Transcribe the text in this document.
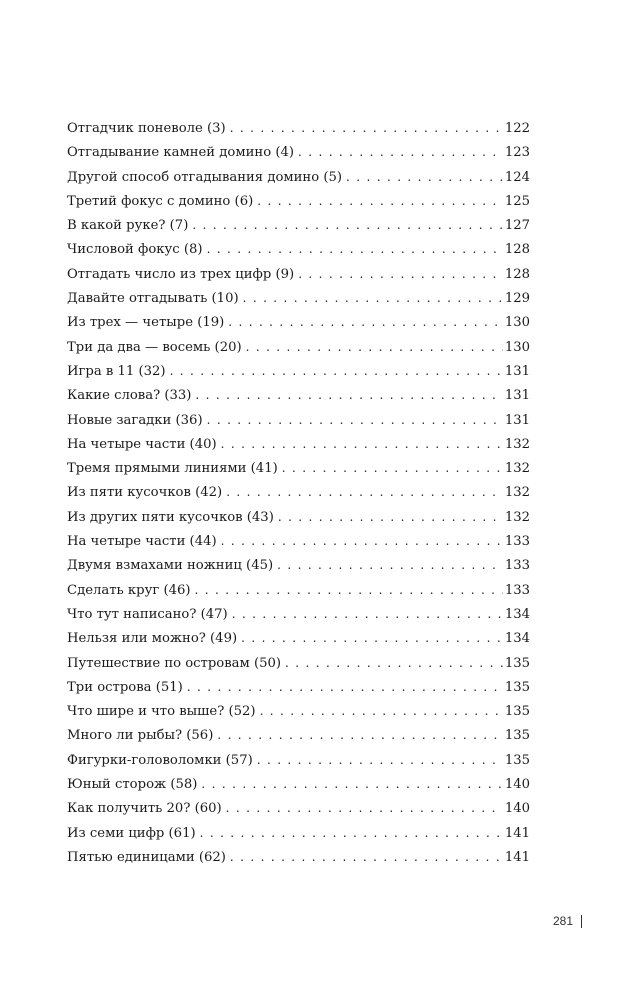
Отгадчик поневоле (3) . . .	122
Отгадывание камней домино (4) . . .	123
Другой способ отгадывания домино (5) . . .	124
Третий фокус с домино (6) . . .	125
В какой руке? (7) . . .	127
Числовой фокус (8) . . .	128
Отгадать число из трех цифр (9) . . .	128
Давайте отгадывать (10) . . .	129
Из трех — четыре (19) . . .	130
Три да два — восемь (20) . . .	130
Игра в 11 (32) . . .	131
Какие слова? (33) . . .	131
Новые загадки (36) . . .	131
На четыре части (40) . . .	132
Тремя прямыми линиями (41) . . .	132
Из пяти кусочков (42) . . .	132
Из других пяти кусочков (43) . . .	132
На четыре части (44) . . .	133
Двумя взмахами ножниц (45) . . .	133
Сделать круг (46) . . .	133
Что тут написано? (47) . . .	134
Нельзя или можно? (49) . . .	134
Путешествие по островам (50) . . .	135
Три острова (51) . . .	135
Что шире и что выше? (52) . . .	135
Много ли рыбы? (56) . . .	135
Фигурки-головоломки (57) . . .	135
Юный сторож (58) . . .	140
Как получить 20? (60) . . .	140
Из семи цифр (61) . . .	141
Пятью единицами (62) . . .	141
281
